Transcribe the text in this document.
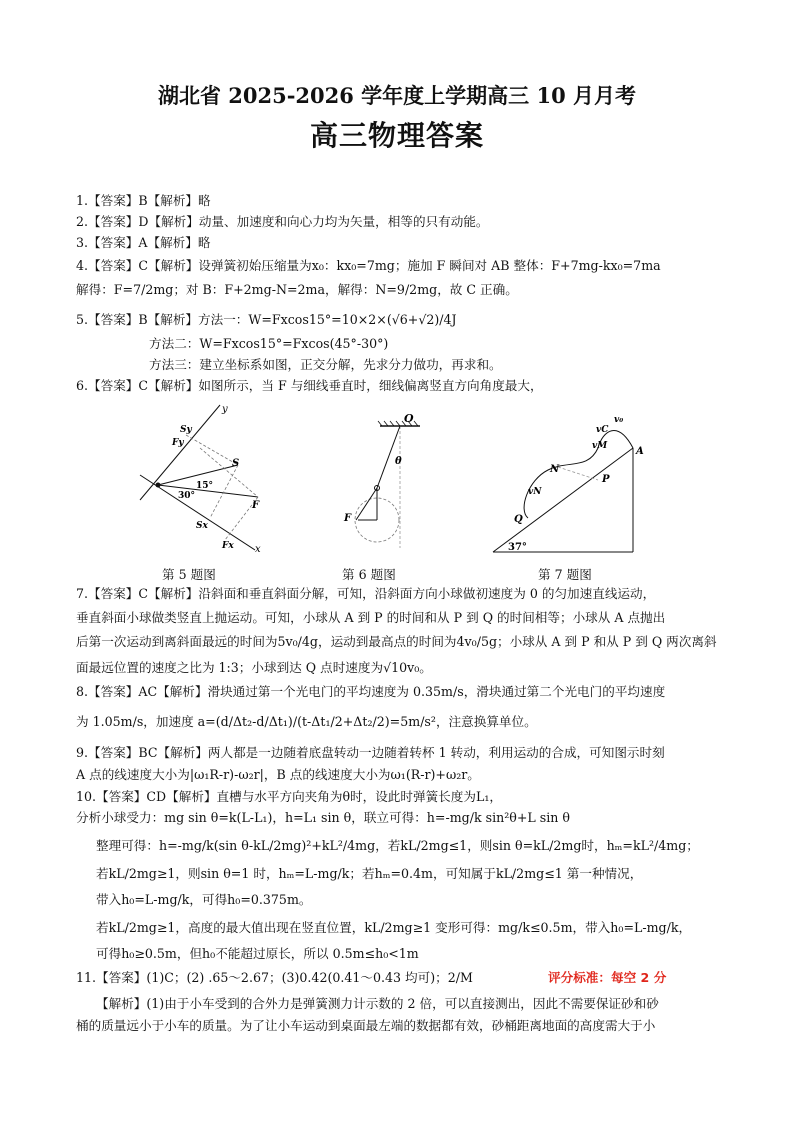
湖北省 2025-2026 学年度上学期高三 10 月月考
高三物理答案
1.【答案】B【解析】略
2.【答案】D【解析】动量、加速度和向心力均为矢量，相等的只有动能。
3.【答案】A【解析】略
4.【答案】C【解析】设弹簧初始压缩量为x₀：kx₀=7mg；施加 F 瞬间对 AB 整体：F+7mg-kx₀=7ma
解得：F=7/2mg；对 B：F+2mg-N=2ma，解得：N=9/2mg，故 C 正确。
5.【答案】B【解析】方法一：W=Fxcos15°=10×2×(√6+√2)/4J
方法二：W=Fxcos15°=Fxcos(45°-30°)
方法三：建立坐标系如图，正交分解，先求分力做功，再求和。
6.【答案】C【解析】如图所示，当 F 与细线垂直时，细线偏离竖直方向角度最大，
y
x
S
Sy
Fy
F
Sx
Fx
15°
30°
O
θ
F
v₀
vC
vM	A
N
P
vN
Q
37°
第 5 题图	第 6 题图	第 7 题图
7.【答案】C【解析】沿斜面和垂直斜面分解，可知，沿斜面方向小球做初速度为 0 的匀加速直线运动，
垂直斜面小球做类竖直上抛运动。可知，小球从 A 到 P 的时间和从 P 到 Q 的时间相等；小球从 A 点抛出
后第一次运动到离斜面最远的时间为5v₀/4g，运动到最高点的时间为4v₀/5g；小球从 A 到 P 和从 P 到 Q 两次离斜
面最远位置的速度之比为 1:3；小球到达 Q 点时速度为√10v₀。
8.【答案】AC【解析】滑块通过第一个光电门的平均速度为 0.35m/s，滑块通过第二个光电门的平均速度
为 1.05m/s，加速度 a=(d/Δt₂-d/Δt₁)/(t-Δt₁/2+Δt₂/2)=5m/s²，注意换算单位。
9.【答案】BC【解析】两人都是一边随着底盘转动一边随着转杯 1 转动，利用运动的合成，可知图示时刻
A 点的线速度大小为|ω₁R-r)-ω₂r|，B 点的线速度大小为ω₁(R-r)+ω₂r。
10.【答案】CD【解析】直槽与水平方向夹角为θ时，设此时弹簧长度为L₁，
分析小球受力：mg sin θ=k(L-L₁)，h=L₁ sin θ，联立可得：h=-mg/k sin²θ+L sin θ
整理可得：h=-mg/k(sin θ-kL/2mg)²+kL²/4mg，若kL/2mg≤1，则sin θ=kL/2mg时，hₘ=kL²/4mg；
若kL/2mg≥1，则sin θ=1 时，hₘ=L-mg/k；若hₘ=0.4m，可知属于kL/2mg≤1 第一种情况，
带入h₀=L-mg/k，可得h₀=0.375m。
若kL/2mg≥1，高度的最大值出现在竖直位置，kL/2mg≥1 变形可得：mg/k≤0.5m，带入h₀=L-mg/k，
可得h₀≥0.5m，但h₀不能超过原长，所以 0.5m≤h₀<1m
11.【答案】(1)C；(2) .65～2.67；(3)0.42(0.41～0.43 均可)；2/M	评分标准：每空 2 分
【解析】(1)由于小车受到的合外力是弹簧测力计示数的 2 倍，可以直接测出，因此不需要保证砂和砂
桶的质量远小于小车的质量。为了让小车运动到桌面最左端的数据都有效，砂桶距离地面的高度需大于小
